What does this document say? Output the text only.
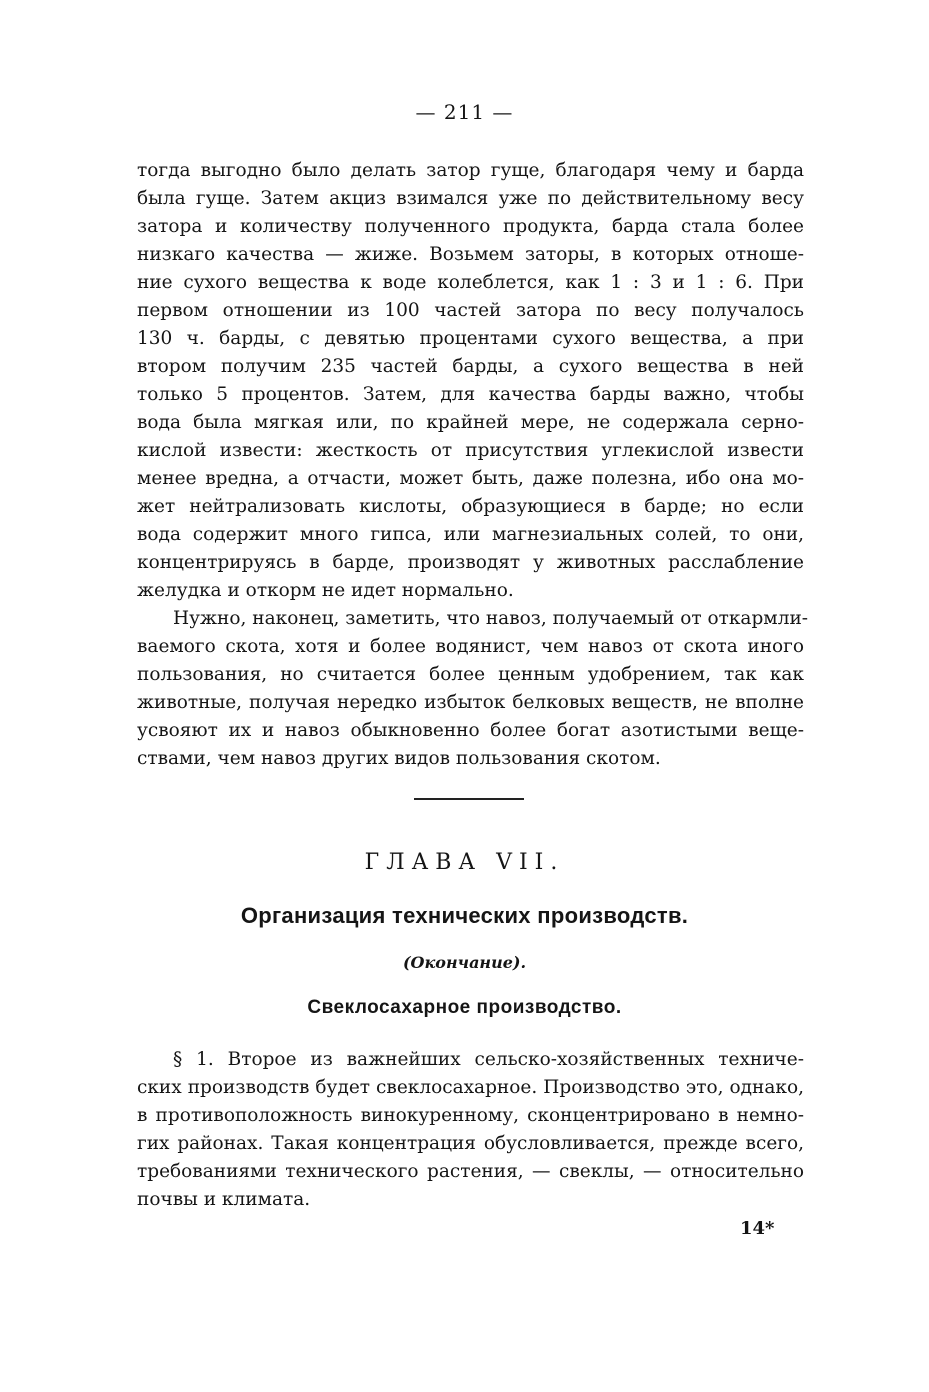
— 211 —
тогда выгодно было делать затор гуще, благодаря чему и барда
была гуще. Затем акциз взимался уже по действительному весу
затора и количеству полученного продукта, барда стала более
низкаго качества — жиже. Возьмем заторы, в которых отноше-
ние сухого вещества к воде колеблется, как 1 : 3 и 1 : 6. При
первом отношении из 100 частей затора по весу получалось
130 ч. барды, с девятью процентами сухого вещества, а при
втором получим 235 частей барды, а сухого вещества в ней
только 5 процентов. Затем, для качества барды важно, чтобы
вода была мягкая или, по крайней мере, не содержала серно-
кислой извести: жесткость от присутствия углекислой извести
менее вредна, а отчасти, может быть, даже полезна, ибо она мо-
жет нейтрализовать кислоты, образующиеся в барде; но если
вода содержит много гипса, или магнезиальных солей, то они,
концентрируясь в барде, производят у животных расслабление
желудка и откорм не идет нормально.
Нужно, наконец, заметить, что навоз, получаемый от откармли-
ваемого скота, хотя и более водянист, чем навоз от скота иного
пользования, но считается более ценным удобрением, так как
животные, получая нередко избыток белковых веществ, не вполне
усвояют их и навоз обыкновенно более богат азотистыми веще-
ствами, чем навоз других видов пользования скотом.
ГЛАВА VII.
Организация технических производств.
(Окончание).
Свеклосахарное производство.
§ 1. Второе из важнейших сельско-хозяйственных техниче-
ских производств будет свеклосахарное. Производство это, однако,
в противоположность винокуренному, сконцентрировано в немно-
гих районах. Такая концентрация обусловливается, прежде всего,
требованиями технического растения, — свеклы, — относительно
почвы и климата.
14*
